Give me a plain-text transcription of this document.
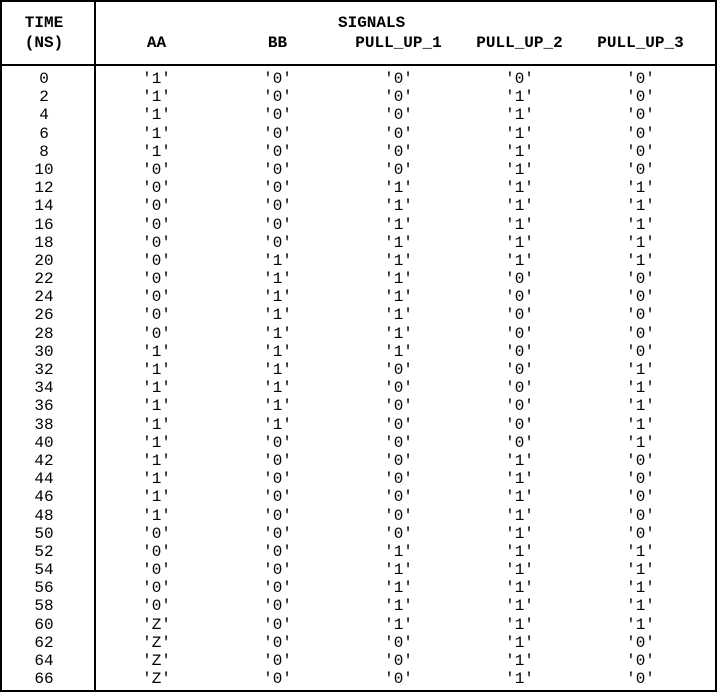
TIME
(NS)
SIGNALS
AA	BB	PULL_UP_1	PULL_UP_2	PULL_UP_3
0	'1'	'0'	'0'	'0'	'0'
2	'1'	'0'	'0'	'1'	'0'
4	'1'	'0'	'0'	'1'	'0'
6	'1'	'0'	'0'	'1'	'0'
8	'1'	'0'	'0'	'1'	'0'
10	'0'	'0'	'0'	'1'	'0'
12	'0'	'0'	'1'	'1'	'1'
14	'0'	'0'	'1'	'1'	'1'
16	'0'	'0'	'1'	'1'	'1'
18	'0'	'0'	'1'	'1'	'1'
20	'0'	'1'	'1'	'1'	'1'
22	'0'	'1'	'1'	'0'	'0'
24	'0'	'1'	'1'	'0'	'0'
26	'0'	'1'	'1'	'0'	'0'
28	'0'	'1'	'1'	'0'	'0'
30	'1'	'1'	'1'	'0'	'0'
32	'1'	'1'	'0'	'0'	'1'
34	'1'	'1'	'0'	'0'	'1'
36	'1'	'1'	'0'	'0'	'1'
38	'1'	'1'	'0'	'0'	'1'
40	'1'	'0'	'0'	'0'	'1'
42	'1'	'0'	'0'	'1'	'0'
44	'1'	'0'	'0'	'1'	'0'
46	'1'	'0'	'0'	'1'	'0'
48	'1'	'0'	'0'	'1'	'0'
50	'0'	'0'	'0'	'1'	'0'
52	'0'	'0'	'1'	'1'	'1'
54	'0'	'0'	'1'	'1'	'1'
56	'0'	'0'	'1'	'1'	'1'
58	'0'	'0'	'1'	'1'	'1'
60	'Z'	'0'	'1'	'1'	'1'
62	'Z'	'0'	'0'	'1'	'0'
64	'Z'	'0'	'0'	'1'	'0'
66	'Z'	'0'	'0'	'1'	'0'
